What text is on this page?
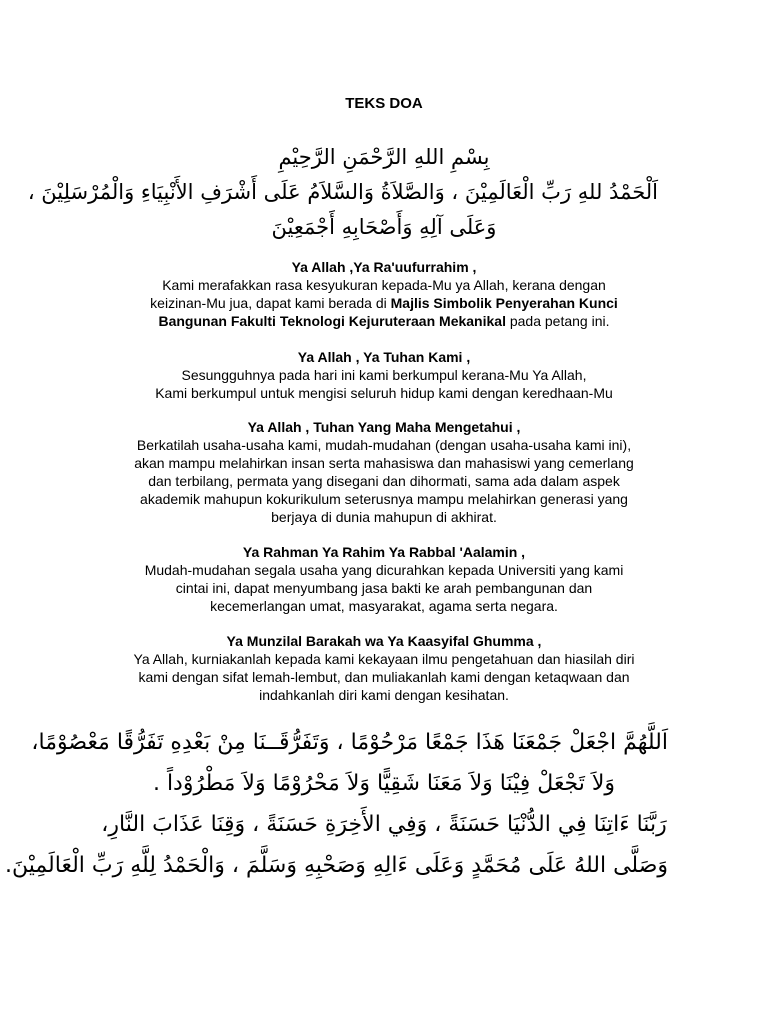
TEKS DOA
بِسْمِ اللهِ الرَّحْمَنِ الرَّحِيْمِ
اَلْحَمْدُ للهِ رَبِّ الْعَالَمِيْنَ ، وَالصَّلاَةُ وَالسَّلاَمُ عَلَى أَشْرَفِ الأَنْبِيَاءِ وَالْمُرْسَلِيْنَ ،
وَعَلَى آلِهِ وَأَصْحَابِهِ أَجْمَعِيْنَ
Ya Allah ,Ya Ra'uufurrahim ,
Kami merafakkan rasa kesyukuran kepada-Mu ya Allah, kerana dengan
keizinan-Mu jua, dapat kami berada di Majlis Simbolik Penyerahan Kunci
Bangunan Fakulti Teknologi Kejuruteraan Mekanikal pada petang ini.
Ya Allah , Ya Tuhan Kami ,
Sesungguhnya pada hari ini kami berkumpul kerana-Mu Ya Allah,
Kami berkumpul untuk mengisi seluruh hidup kami dengan keredhaan-Mu
Ya Allah , Tuhan Yang Maha Mengetahui ,
Berkatilah usaha-usaha kami, mudah-mudahan (dengan usaha-usaha kami ini),
akan mampu melahirkan insan serta mahasiswa dan mahasiswi yang cemerlang
dan terbilang, permata yang disegani dan dihormati, sama ada dalam aspek
akademik mahupun kokurikulum seterusnya mampu melahirkan generasi yang
berjaya di dunia mahupun di akhirat.
Ya Rahman Ya Rahim Ya Rabbal 'Aalamin ,
Mudah-mudahan segala usaha yang dicurahkan kepada Universiti yang kami
cintai ini, dapat menyumbang jasa bakti ke arah pembangunan dan
kecemerlangan umat, masyarakat, agama serta negara.
Ya Munzilal Barakah wa Ya Kaasyifal Ghumma ,
Ya Allah, kurniakanlah kepada kami kekayaan ilmu pengetahuan dan hiasilah diri
kami dengan sifat lemah-lembut, dan muliakanlah kami dengan ketaqwaan dan
indahkanlah diri kami dengan kesihatan.
اَللَّهُمَّ اجْعَلْ جَمْعَنَا هَذَا جَمْعًا مَرْحُوْمًا ، وَتَفَرُّقَــنَا مِنْ بَعْدِهِ تَفَرُّقًا مَعْصُوْمًا،
وَلاَ تَجْعَلْ فِيْنَا وَلاَ مَعَنَا شَقِيًّا وَلاَ مَحْرُوْمًا وَلاَ مَطْرُوْداً .
رَبَّنَا ءَاتِنَا فِي الدُّنْيَا حَسَنَةً ، وَفِي الأَخِرَةِ حَسَنَةً ، وَقِنَا عَذَابَ النَّارِ،
وَصَلَّى اللهُ عَلَى مُحَمَّدٍ وَعَلَى ءَالِهِ وَصَحْبِهِ وَسَلَّمَ ، وَالْحَمْدُ لِلَّهِ رَبِّ الْعَالَمِيْنَ.
